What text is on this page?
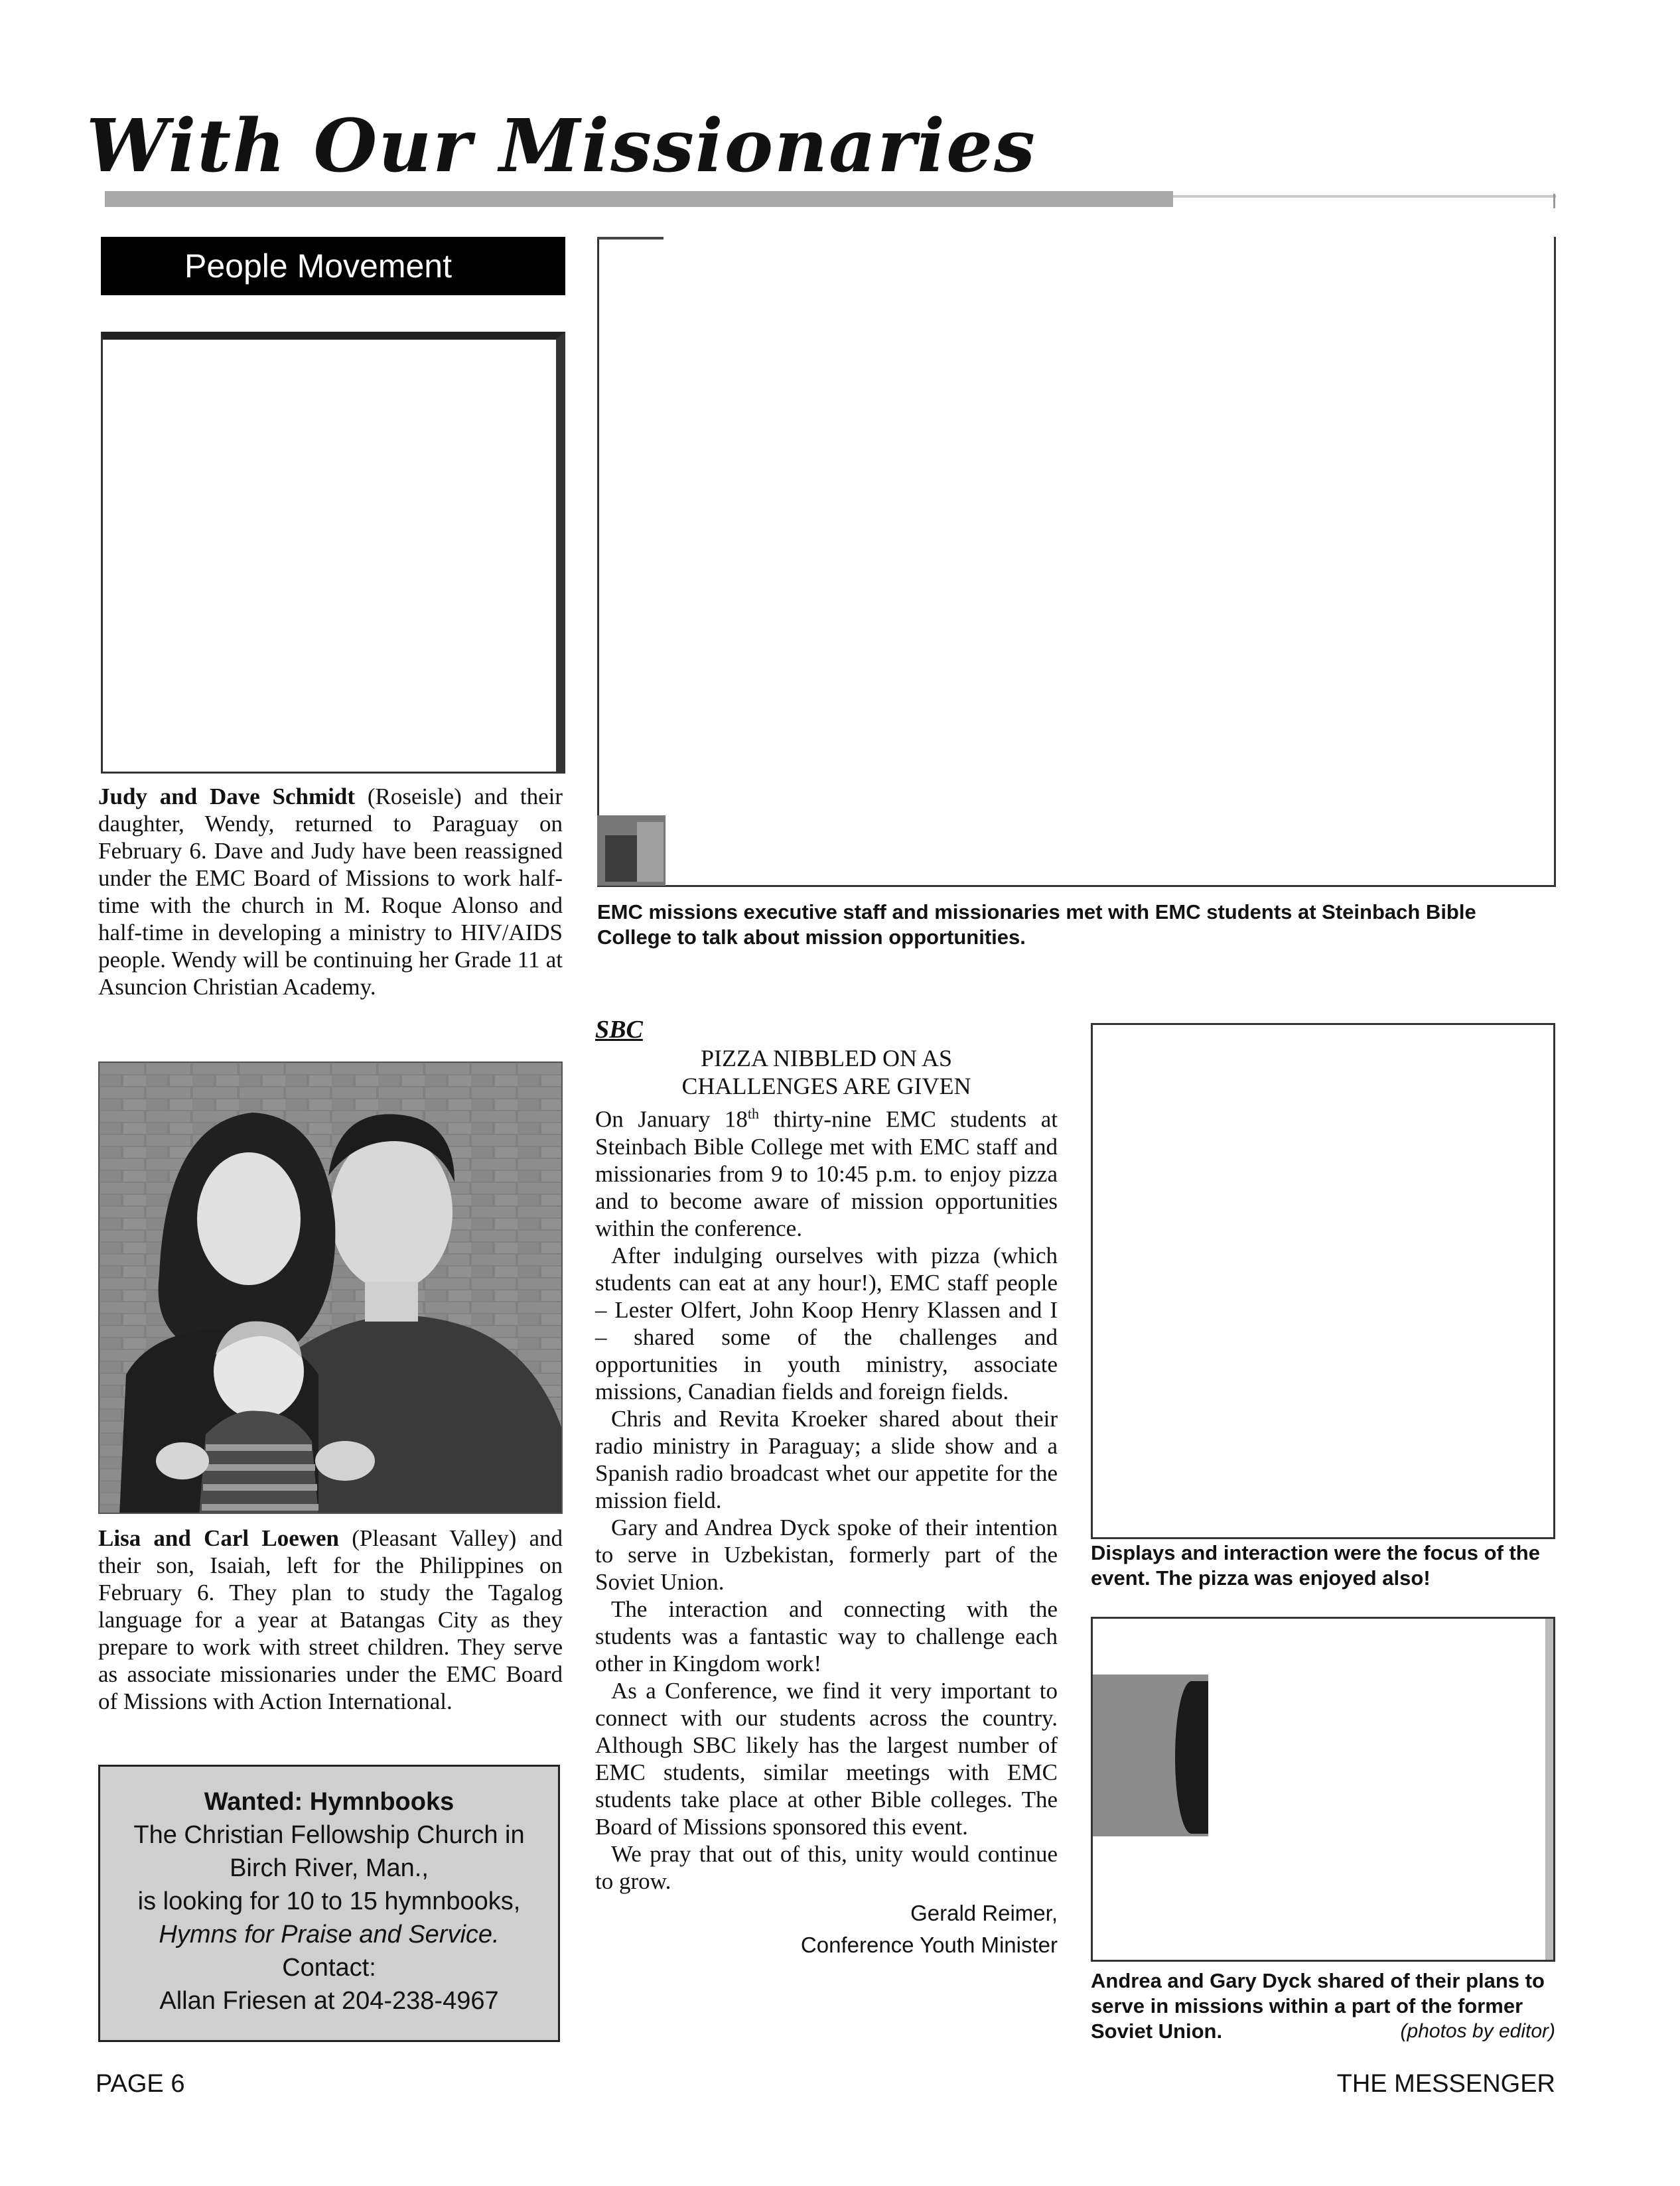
With Our Missionaries
People Movement
Judy and Dave Schmidt (Roseisle) and their daughter, Wendy, returned to Paraguay on February 6. Dave and Judy have been reassigned under the EMC Board of Missions to work half-time with the church in M. Roque Alonso and half-time in developing a ministry to HIV/AIDS people. Wendy will be continuing her Grade 11 at Asuncion Christian Academy.
Lisa and Carl Loewen (Pleasant Valley) and their son, Isaiah, left for the Philippines on February 6. They plan to study the Tagalog language for a year at Batangas City as they prepare to work with street children. They serve as associate missionaries under the EMC Board of Missions with Action International.
Wanted: Hymnbooks
The Christian Fellowship Church in
Birch River, Man.,
is looking for 10 to 15 hymnbooks,
Hymns for Praise and Service.
Contact:
Allan Friesen at 204-238-4967
EMC missions executive staff and missionaries met with EMC students at Steinbach Bible College to talk about mission opportunities.
SBC
PIZZA NIBBLED ON AS
CHALLENGES ARE GIVEN

On January 18th thirty-nine EMC students at Steinbach Bible College met with EMC staff and missionaries from 9 to 10:45 p.m. to enjoy pizza and to become aware of mission opportunities within the conference.

After indulging ourselves with pizza (which students can eat at any hour!), EMC staff people – Lester Olfert, John Koop Henry Klassen and I – shared some of the challenges and opportunities in youth ministry, associate missions, Canadian fields and foreign fields.

Chris and Revita Kroeker shared about their radio ministry in Paraguay; a slide show and a Spanish radio broadcast whet our appetite for the mission field.

Gary and Andrea Dyck spoke of their intention to serve in Uzbekistan, formerly part of the Soviet Union.

The interaction and connecting with the students was a fantastic way to challenge each other in Kingdom work!

As a Conference, we find it very important to connect with our students across the country. Although SBC likely has the largest number of EMC students, similar meetings with EMC students take place at other Bible colleges. The Board of Missions sponsored this event.

We pray that out of this, unity would continue to grow.

Gerald Reimer,
Conference Youth Minister
Displays and interaction were the focus of the event. The pizza was enjoyed also!
Andrea and Gary Dyck shared of their plans to serve in missions within a part of the former Soviet Union.	(photos by editor)
PAGE 6	THE MESSENGER
